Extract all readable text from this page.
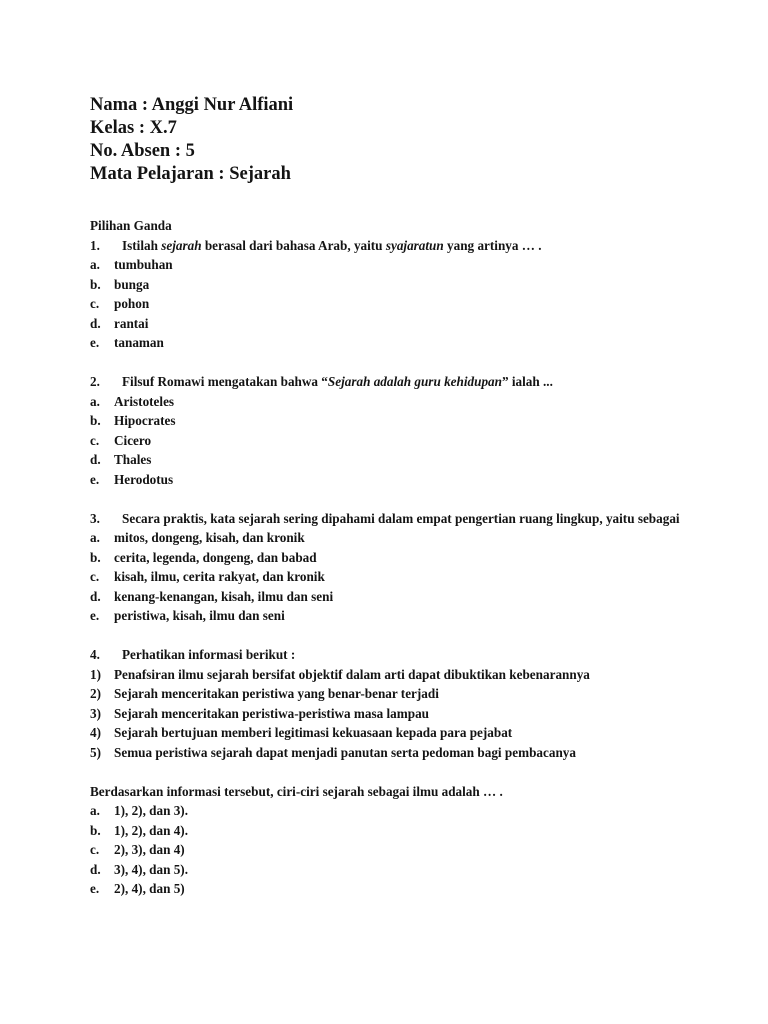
Nama : Anggi Nur Alfiani
Kelas : X.7
No. Absen : 5
Mata Pelajaran : Sejarah
Pilihan Ganda
1. Istilah sejarah berasal dari bahasa Arab, yaitu syajaratun yang artinya … .
a. tumbuhan
b. bunga
c. pohon
d. rantai
e. tanaman
2. Filsuf Romawi mengatakan bahwa “Sejarah adalah guru kehidupan” ialah ...
a. Aristoteles
b. Hipocrates
c. Cicero
d. Thales
e. Herodotus
3. Secara praktis, kata sejarah sering dipahami dalam empat pengertian ruang lingkup, yaitu sebagai
a. mitos, dongeng, kisah, dan kronik
b. cerita, legenda, dongeng, dan babad
c. kisah, ilmu, cerita rakyat, dan kronik
d. kenang-kenangan, kisah, ilmu dan seni
e. peristiwa, kisah, ilmu dan seni
4. Perhatikan informasi berikut :
1) Penafsiran ilmu sejarah bersifat objektif dalam arti dapat dibuktikan kebenarannya
2) Sejarah menceritakan peristiwa yang benar-benar terjadi
3) Sejarah menceritakan peristiwa-peristiwa masa lampau
4) Sejarah bertujuan memberi legitimasi kekuasaan kepada para pejabat
5) Semua peristiwa sejarah dapat menjadi panutan serta pedoman bagi pembacanya
Berdasarkan informasi tersebut, ciri-ciri sejarah sebagai ilmu adalah … .
a. 1), 2), dan 3).
b. 1), 2), dan 4).
c. 2), 3), dan 4)
d. 3), 4), dan 5).
e. 2), 4), dan 5)
